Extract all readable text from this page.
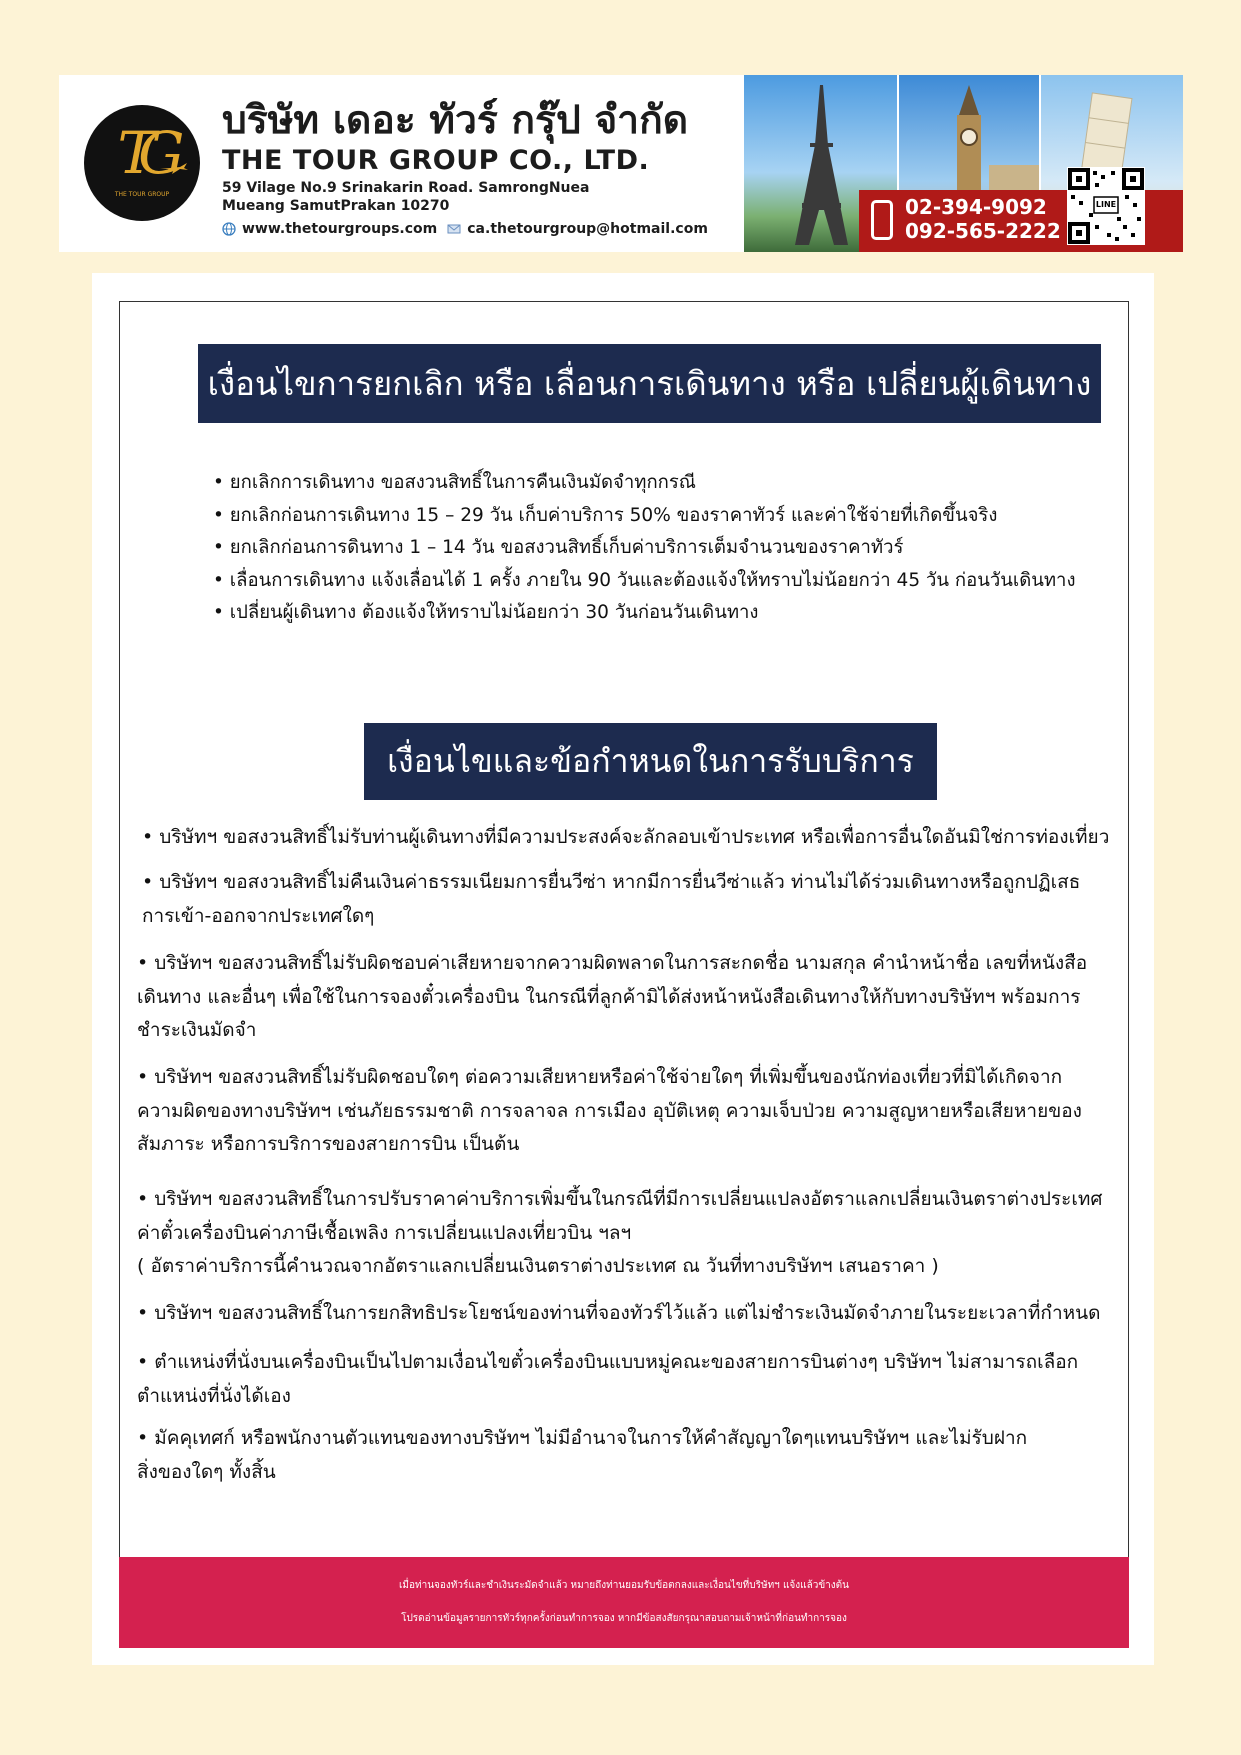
TG
THE TOUR GROUP
บริษัท เดอะ ทัวร์ กรุ๊ป จำกัด
THE TOUR GROUP CO., LTD.
59 Vilage No.9 Srinakarin Road. SamrongNuea
Mueang SamutPrakan 10270
www.thetourgroups.com ca.thetourgroup@hotmail.com
02-394-9092
092-565-2222
LINE
เงื่อนไขการยกเลิก หรือ เลื่อนการเดินทาง หรือ เปลี่ยนผู้เดินทาง
• ยกเลิกการเดินทาง ขอสงวนสิทธิ์ในการคืนเงินมัดจำทุกกรณี
• ยกเลิกก่อนการเดินทาง 15 – 29 วัน เก็บค่าบริการ 50% ของราคาทัวร์ และค่าใช้จ่ายที่เกิดขึ้นจริง
• ยกเลิกก่อนการดินทาง 1 – 14 วัน ขอสงวนสิทธิ์เก็บค่าบริการเต็มจำนวนของราคาทัวร์
• เลื่อนการเดินทาง แจ้งเลื่อนได้ 1 ครั้ง ภายใน 90 วันและต้องแจ้งให้ทราบไม่น้อยกว่า 45 วัน ก่อนวันเดินทาง
• เปลี่ยนผู้เดินทาง ต้องแจ้งให้ทราบไม่น้อยกว่า 30 วันก่อนวันเดินทาง
เงื่อนไขและข้อกำหนดในการรับบริการ
• บริษัทฯ ขอสงวนสิทธิ์ไม่รับท่านผู้เดินทางที่มีความประสงค์จะลักลอบเข้าประเทศ หรือเพื่อการอื่นใดอันมิใช่การท่องเที่ยว
• บริษัทฯ ขอสงวนสิทธิ์ไม่คืนเงินค่าธรรมเนียมการยื่นวีซ่า หากมีการยื่นวีซ่าแล้ว ท่านไม่ได้ร่วมเดินทางหรือถูกปฏิเสธ
การเข้า-ออกจากประเทศใดๆ
• บริษัทฯ ขอสงวนสิทธิ์ไม่รับผิดชอบค่าเสียหายจากความผิดพลาดในการสะกดชื่อ นามสกุล คำนำหน้าชื่อ เลขที่หนังสือ
เดินทาง และอื่นๆ เพื่อใช้ในการจองตั๋วเครื่องบิน ในกรณีที่ลูกค้ามิได้ส่งหน้าหนังสือเดินทางให้กับทางบริษัทฯ พร้อมการ
ชำระเงินมัดจำ
• บริษัทฯ ขอสงวนสิทธิ์ไม่รับผิดชอบใดๆ ต่อความเสียหายหรือค่าใช้จ่ายใดๆ ที่เพิ่มขึ้นของนักท่องเที่ยวที่มิได้เกิดจาก
ความผิดของทางบริษัทฯ เช่นภัยธรรมชาติ การจลาจล การเมือง อุบัติเหตุ ความเจ็บป่วย ความสูญหายหรือเสียหายของ
สัมภาระ หรือการบริการของสายการบิน เป็นต้น
• บริษัทฯ ขอสงวนสิทธิ์ในการปรับราคาค่าบริการเพิ่มขึ้นในกรณีที่มีการเปลี่ยนแปลงอัตราแลกเปลี่ยนเงินตราต่างประเทศ
ค่าตั๋วเครื่องบินค่าภาษีเชื้อเพลิง การเปลี่ยนแปลงเที่ยวบิน ฯลฯ
( อัตราค่าบริการนี้คำนวณจากอัตราแลกเปลี่ยนเงินตราต่างประเทศ ณ วันที่ทางบริษัทฯ เสนอราคา )
• บริษัทฯ ขอสงวนสิทธิ์ในการยกสิทธิประโยชน์ของท่านที่จองทัวร์ไว้แล้ว แต่ไม่ชำระเงินมัดจำภายในระยะเวลาที่กำหนด
• ตำแหน่งที่นั่งบนเครื่องบินเป็นไปตามเงื่อนไขตั๋วเครื่องบินแบบหมู่คณะของสายการบินต่างๆ บริษัทฯ ไม่สามารถเลือก
ตำแหน่งที่นั่งได้เอง
• มัคคุเทศก์ หรือพนักงานตัวแทนของทางบริษัทฯ ไม่มีอำนาจในการให้คำสัญญาใดๆแทนบริษัทฯ และไม่รับฝาก
สิ่งของใดๆ ทั้งสิ้น
เมื่อท่านจองทัวร์และชำเงินระมัดจำแล้ว หมายถึงท่านยอมรับข้อตกลงและเงื่อนไขที่บริษัทฯ แจ้งแล้วข้างต้น
โปรดอ่านข้อมูลรายการทัวร์ทุกครั้งก่อนทำการจอง หากมีข้อสงสัยกรุณาสอบถามเจ้าหน้าที่ก่อนทำการจอง
